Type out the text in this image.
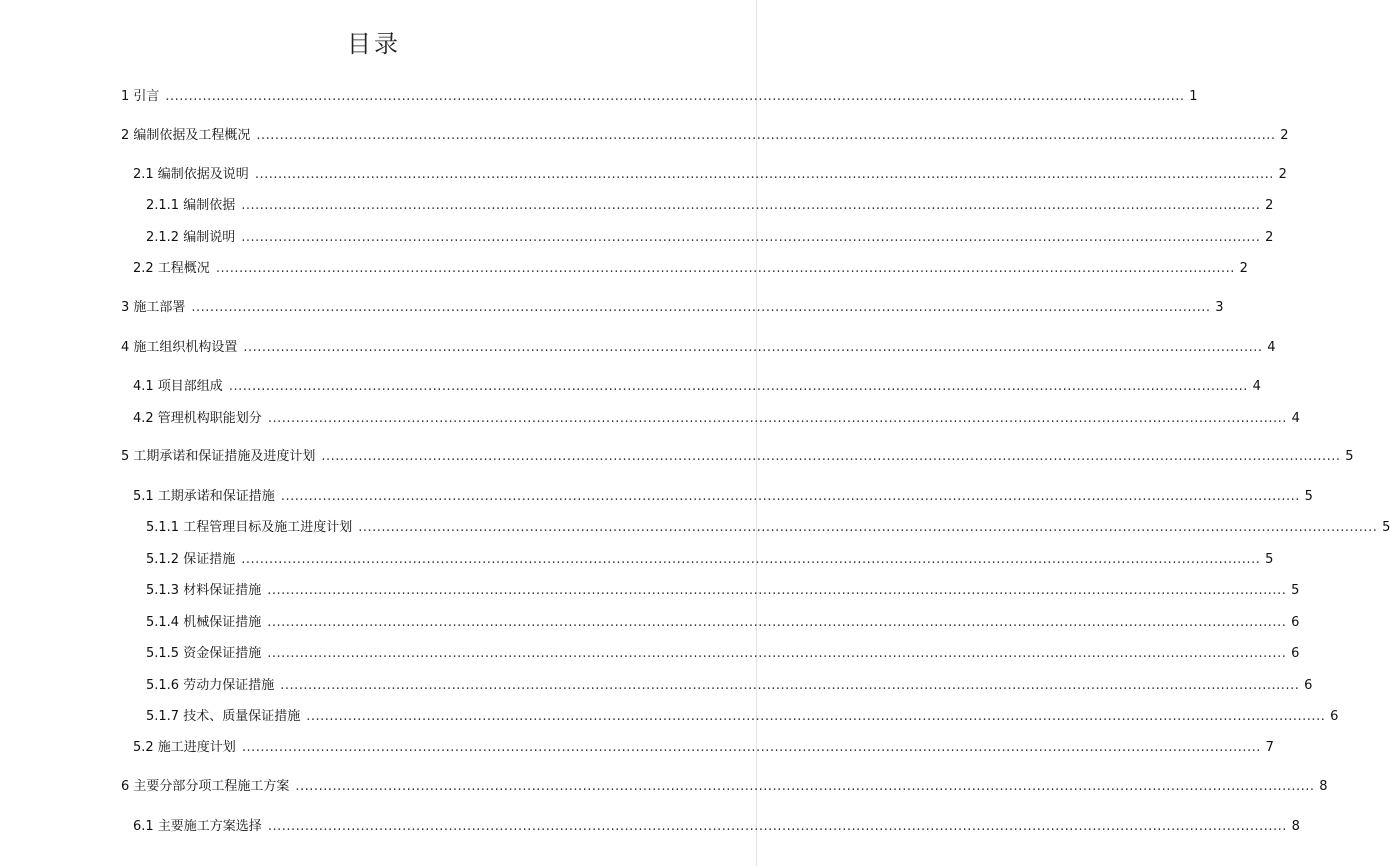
目录
1 引言 ............................................................................................................................................................................................................................ 1
2 编制依据及工程概况 ............................................................................................................................................................................................................................ 2
2.1 编制依据及说明 ............................................................................................................................................................................................................................ 2
2.1.1 编制依据 ............................................................................................................................................................................................................................ 2
2.1.2 编制说明 ............................................................................................................................................................................................................................ 2
2.2 工程概况 ............................................................................................................................................................................................................................ 2
3 施工部署 ............................................................................................................................................................................................................................ 3
4 施工组织机构设置 ............................................................................................................................................................................................................................ 4
4.1 项目部组成 ............................................................................................................................................................................................................................ 4
4.2 管理机构职能划分 ............................................................................................................................................................................................................................ 4
5 工期承诺和保证措施及进度计划 ............................................................................................................................................................................................................................ 5
5.1 工期承诺和保证措施 ............................................................................................................................................................................................................................ 5
5.1.1 工程管理目标及施工进度计划 ............................................................................................................................................................................................................................ 5
5.1.2 保证措施 ............................................................................................................................................................................................................................ 5
5.1.3 材料保证措施 ............................................................................................................................................................................................................................ 5
5.1.4 机械保证措施 ............................................................................................................................................................................................................................ 6
5.1.5 资金保证措施 ............................................................................................................................................................................................................................ 6
5.1.6 劳动力保证措施 ............................................................................................................................................................................................................................ 6
5.1.7 技术、质量保证措施 ............................................................................................................................................................................................................................ 6
5.2 施工进度计划 ............................................................................................................................................................................................................................ 7
6 主要分部分项工程施工方案 ............................................................................................................................................................................................................................ 8
6.1 主要施工方案选择 ............................................................................................................................................................................................................................ 8
